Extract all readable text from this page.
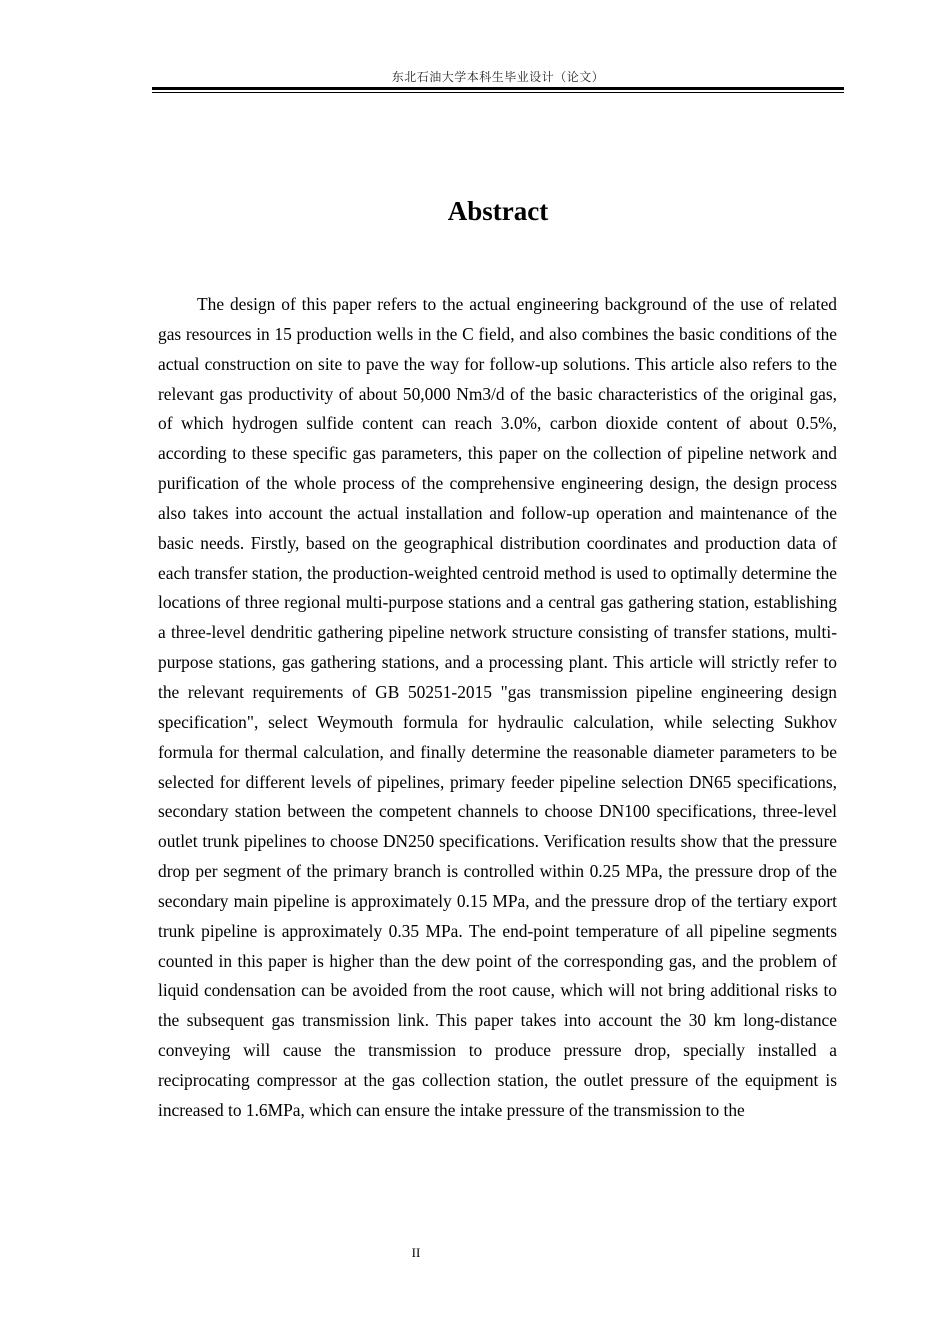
东北石油大学本科生毕业设计（论文）
Abstract

The design of this paper refers to the actual engineering background of the use of related gas resources in 15 production wells in the C field, and also combines the basic conditions of the actual construction on site to pave the way for follow-up solutions. This article also refers to the relevant gas productivity of about 50,000 Nm3/d of the basic characteristics of the original gas, of which hydrogen sulfide content can reach 3.0%, carbon dioxide content of about 0.5%, according to these specific gas parameters, this paper on the collection of pipeline network and purification of the whole process of the comprehensive engineering design, the design process also takes into account the actual installation and follow-up operation and maintenance of the basic needs. Firstly, based on the geographical distribution coordinates and production data of each transfer station, the production-weighted centroid method is used to optimally determine the locations of three regional multi-purpose stations and a central gas gathering station, establishing a three-level dendritic gathering pipeline network structure consisting of transfer stations, multi-purpose stations, gas gathering stations, and a processing plant. This article will strictly refer to the relevant requirements of GB 50251-2015 "gas transmission pipeline engineering design specification", select Weymouth formula for hydraulic calculation, while selecting Sukhov formula for thermal calculation, and finally determine the reasonable diameter parameters to be selected for different levels of pipelines, primary feeder pipeline selection DN65 specifications, secondary station between the competent channels to choose DN100 specifications, three-level outlet trunk pipelines to choose DN250 specifications. Verification results show that the pressure drop per segment of the primary branch is controlled within 0.25 MPa, the pressure drop of the secondary main pipeline is approximately 0.15 MPa, and the pressure drop of the tertiary export trunk pipeline is approximately 0.35 MPa. The end-point temperature of all pipeline segments counted in this paper is higher than the dew point of the corresponding gas, and the problem of liquid condensation can be avoided from the root cause, which will not bring additional risks to the subsequent gas transmission link. This paper takes into account the 30 km long-distance conveying will cause the transmission to produce pressure drop, specially installed a reciprocating compressor at the gas collection station, the outlet pressure of the equipment is increased to 1.6MPa, which can ensure the intake pressure of the transmission to the

II
